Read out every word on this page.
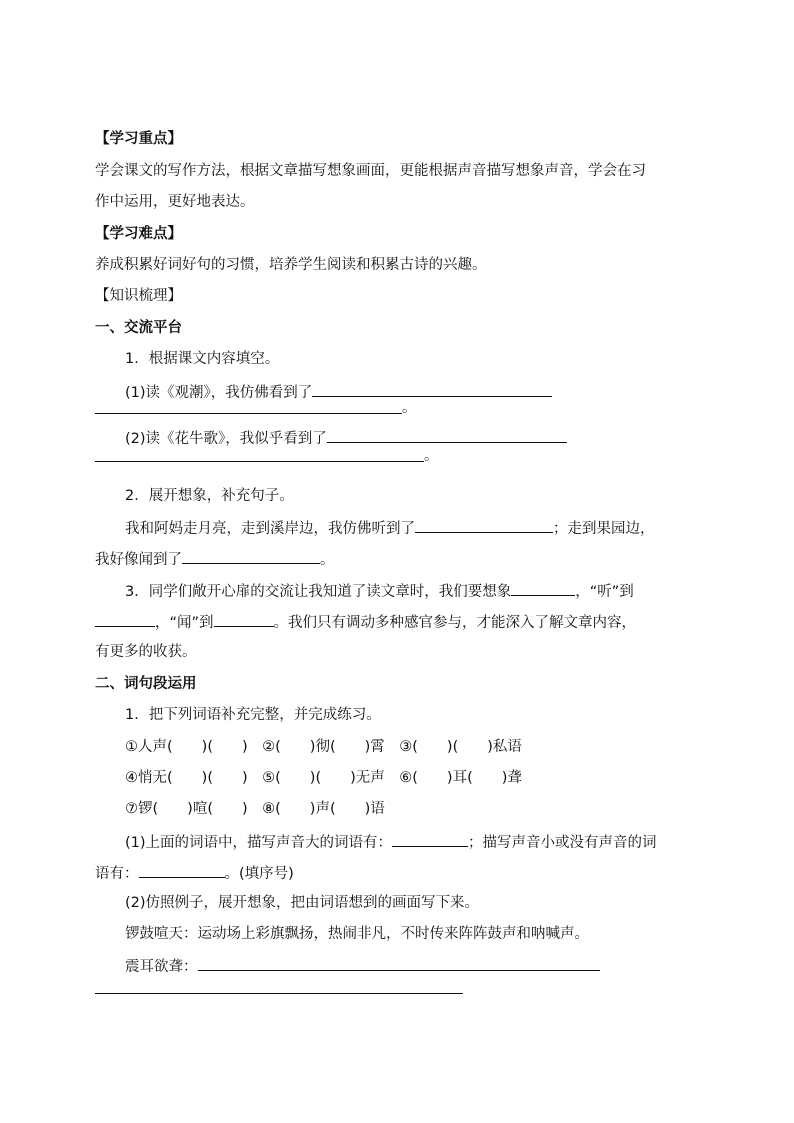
【学习重点】
学会课文的写作方法，根据文章描写想象画面，更能根据声音描写想象声音，学会在习
作中运用，更好地表达。
【学习难点】
养成积累好词好句的习惯，培养学生阅读和积累古诗的兴趣。
【知识梳理】
一、交流平台
1．根据课文内容填空。
(1)读《观潮》，我仿佛看到了
。
(2)读《花牛歌》，我似乎看到了
。
2．展开想象，补充句子。
我和阿妈走月亮，走到溪岸边，我仿佛听到了	；走到果园边，
我好像闻到了	。
3．同学们敞开心扉的交流让我知道了读文章时，我们要想象	，“听”到
，“闻”到	。我们只有调动多种感官参与，才能深入了解文章内容，
有更多的收获。
二、词句段运用
1．把下列词语补充完整，并完成练习。
①人声(　　)(　　)　②(　　)彻(　　)霄　③(　　)(　　)私语
④悄无(　　)(　　)　⑤(　　)(　　)无声　⑥(　　)耳(　　)聋
⑦锣(　　)喧(　　)　⑧(　　)声(　　)语
(1)上面的词语中，描写声音大的词语有：	；描写声音小或没有声音的词
语有：	。(填序号)
(2)仿照例子，展开想象，把由词语想到的画面写下来。
锣鼓喧天：运动场上彩旗飘扬，热闹非凡，不时传来阵阵鼓声和呐喊声。
震耳欲聋：
